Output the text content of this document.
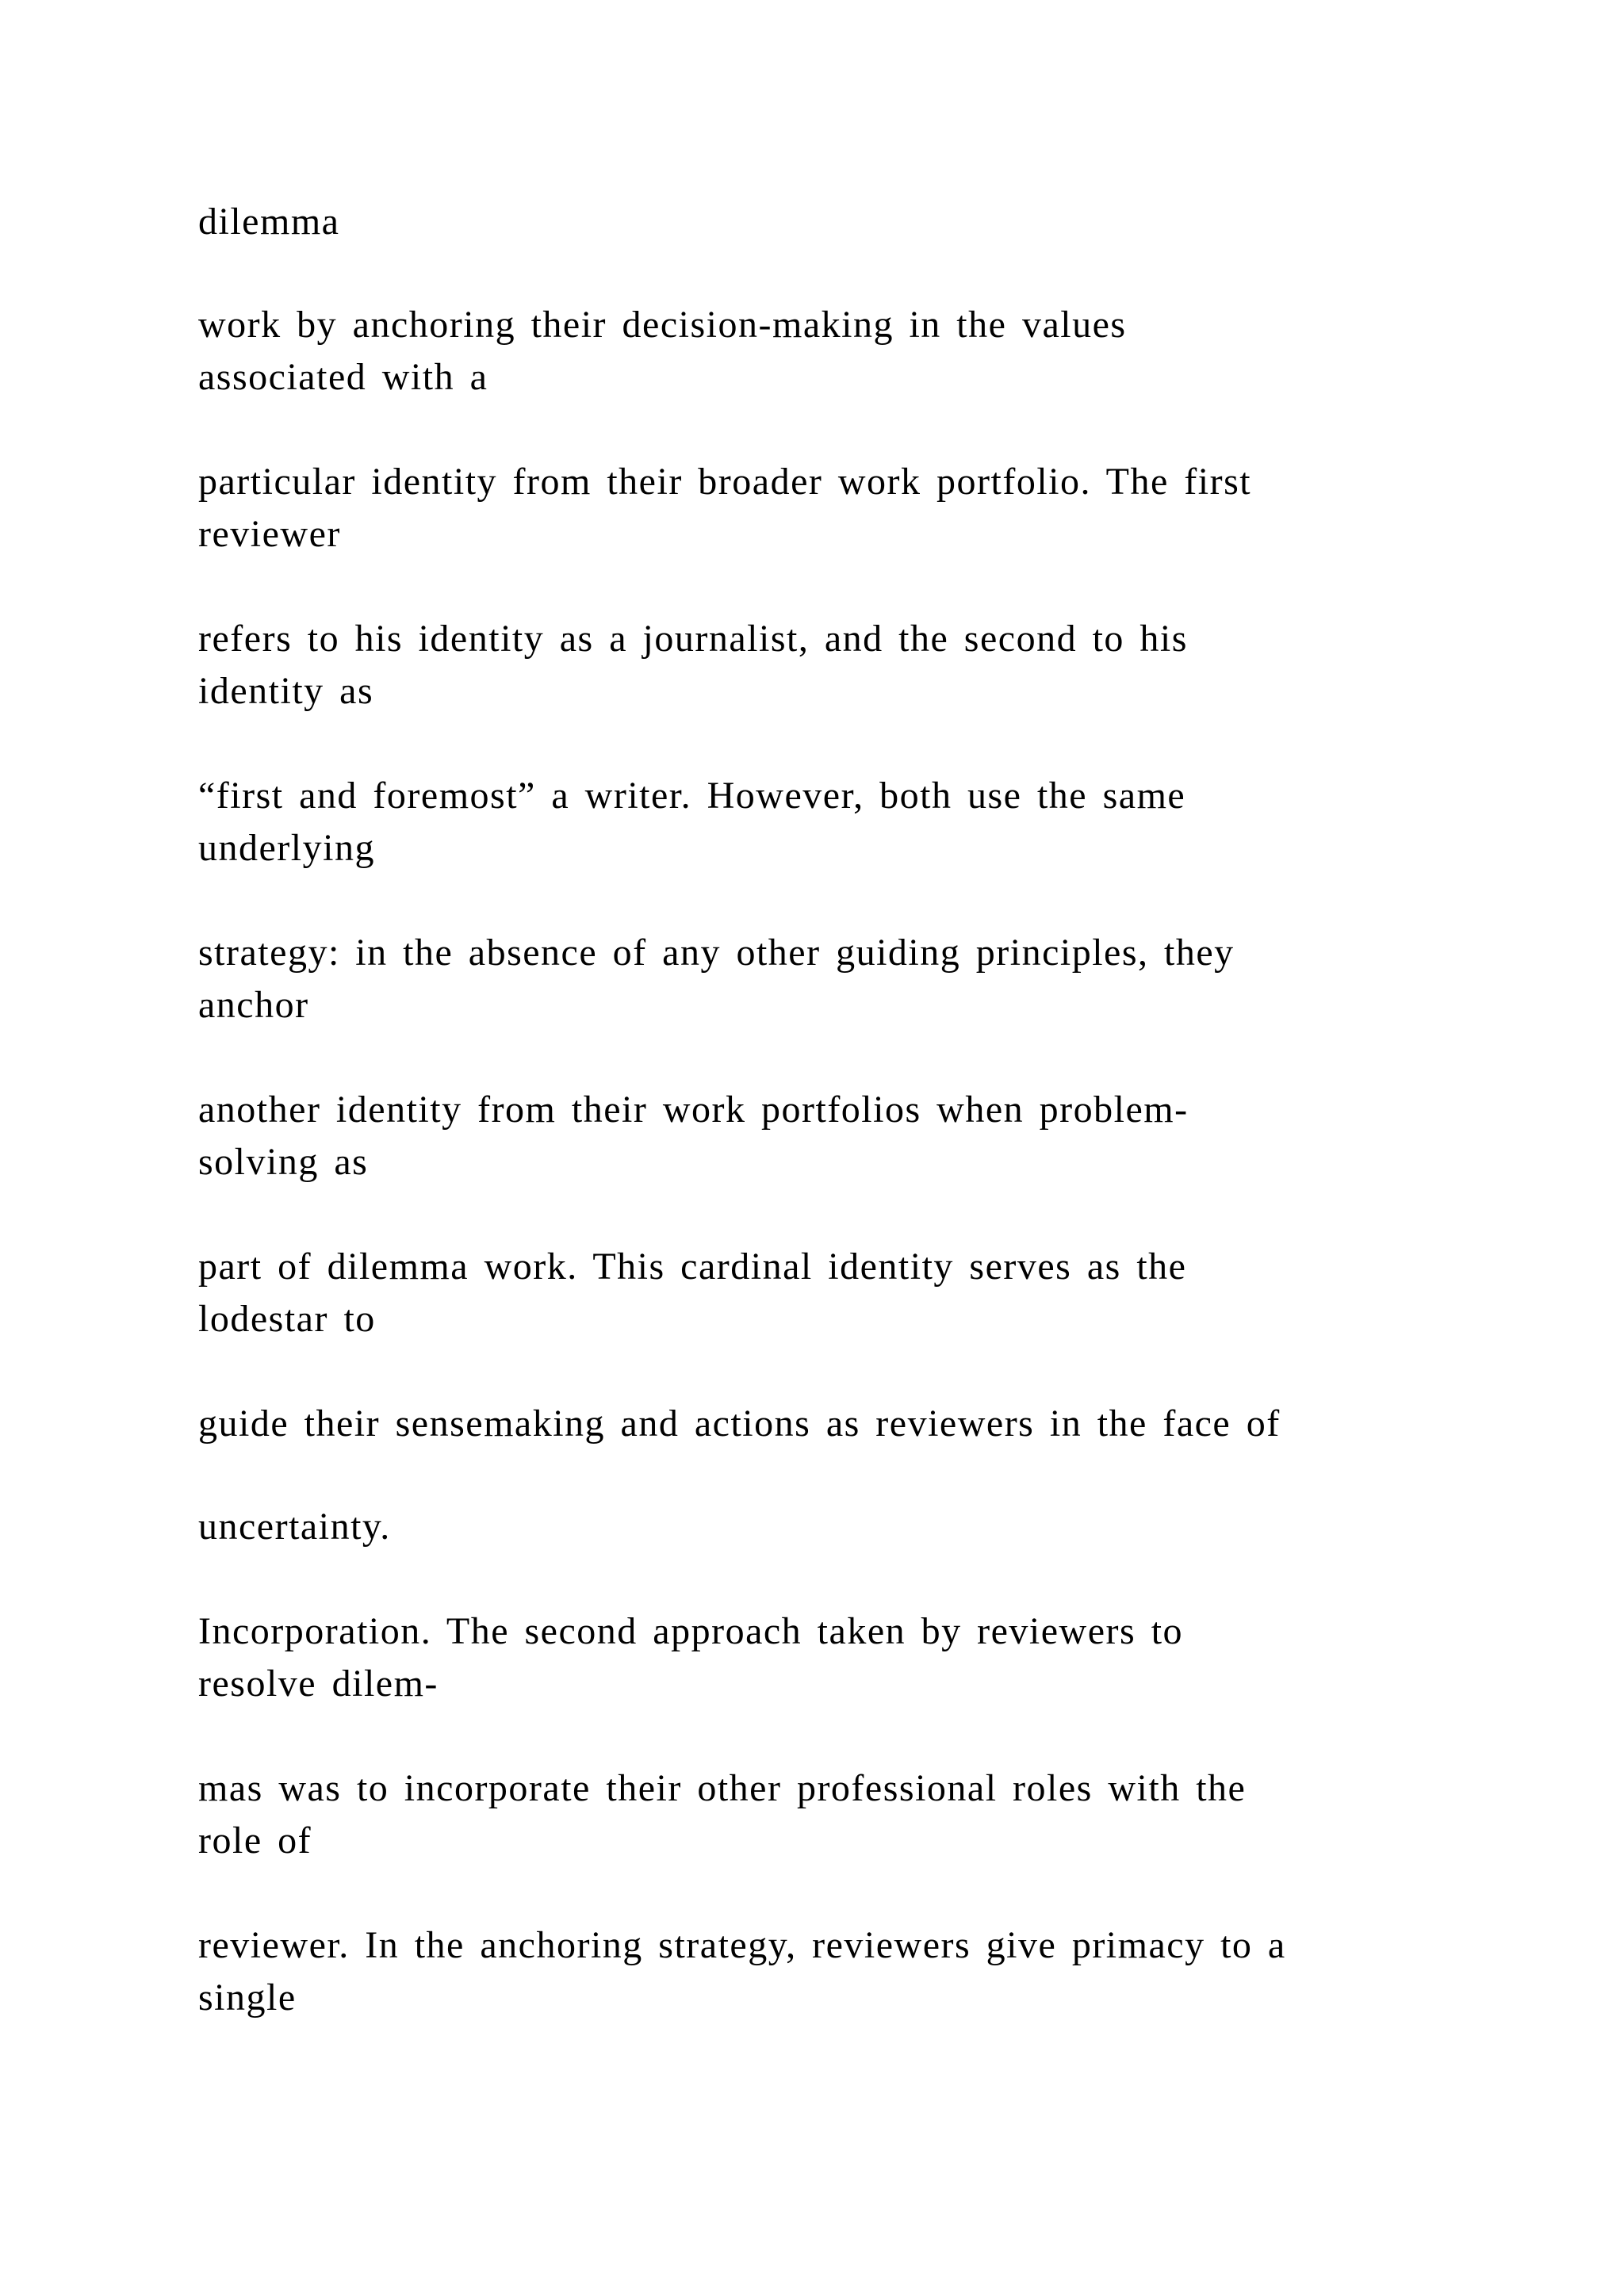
dilemma
work by anchoring their decision-making in the values
associated with a
particular identity from their broader work portfolio. The first
reviewer
refers to his identity as a journalist, and the second to his
identity as
“first and foremost” a writer. However, both use the same
underlying
strategy: in the absence of any other guiding principles, they
anchor
another identity from their work portfolios when problem-
solving as
part of dilemma work. This cardinal identity serves as the
lodestar to
guide their sensemaking and actions as reviewers in the face of
uncertainty.
Incorporation. The second approach taken by reviewers to
resolve dilem-
mas was to incorporate their other professional roles with the
role of
reviewer. In the anchoring strategy, reviewers give primacy to a
single
